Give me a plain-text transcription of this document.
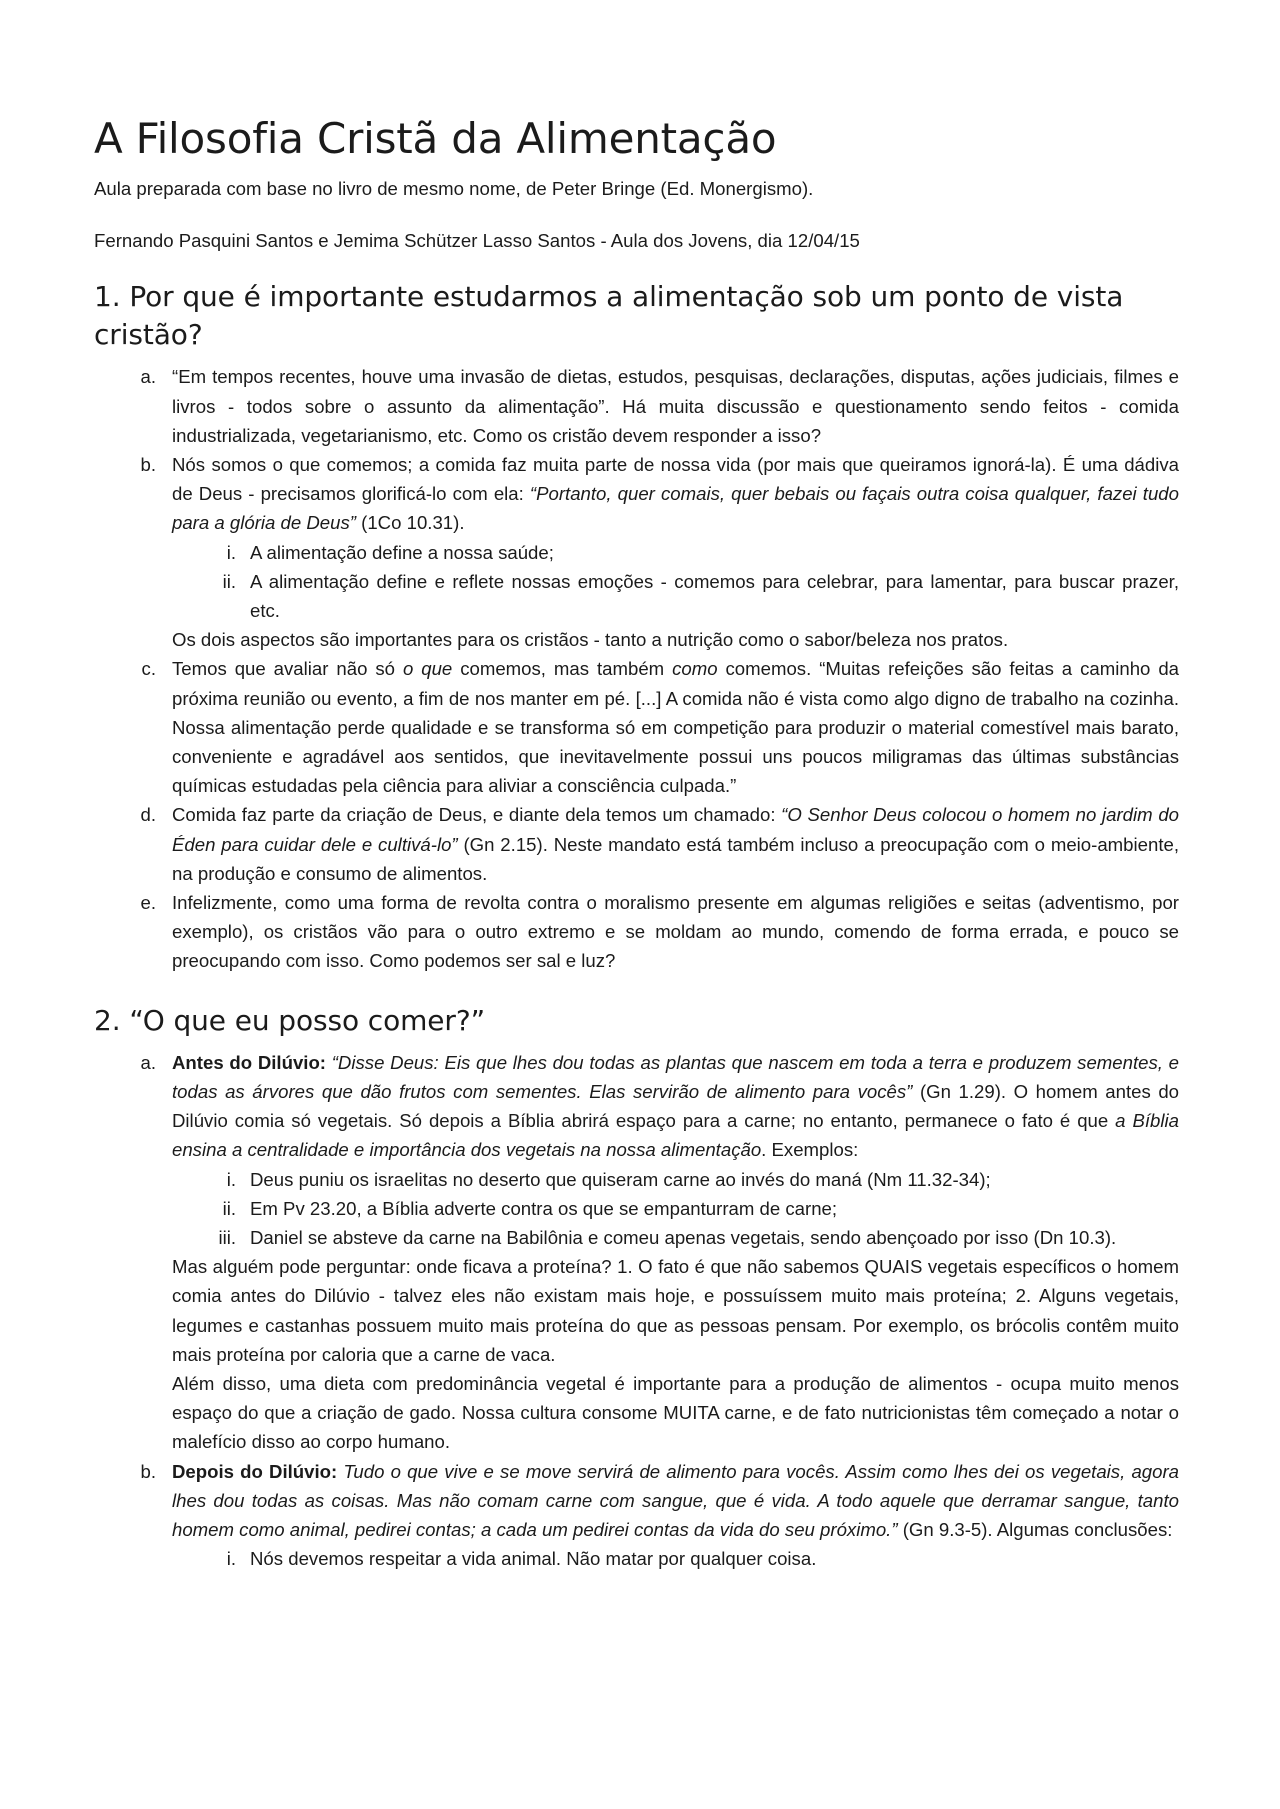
A Filosofia Cristã da Alimentação

Aula preparada com base no livro de mesmo nome, de Peter Bringe (Ed. Monergismo).

Fernando Pasquini Santos e Jemima Schützer Lasso Santos - Aula dos Jovens, dia 12/04/15

1. Por que é importante estudarmos a alimentação sob um ponto de vista cristão?
a. “Em tempos recentes, houve uma invasão de dietas, estudos, pesquisas, declarações, disputas, ações judiciais, filmes e livros - todos sobre o assunto da alimentação”. Há muita discussão e questionamento sendo feitos - comida industrializada, vegetarianismo, etc. Como os cristão devem responder a isso?
b. Nós somos o que comemos; a comida faz muita parte de nossa vida (por mais que queiramos ignorá-la). É uma dádiva de Deus - precisamos glorificá-lo com ela: “Portanto, quer comais, quer bebais ou façais outra coisa qualquer, fazei tudo para a glória de Deus” (1Co 10.31).
i. A alimentação define a nossa saúde;
ii. A alimentação define e reflete nossas emoções - comemos para celebrar, para lamentar, para buscar prazer, etc.
Os dois aspectos são importantes para os cristãos - tanto a nutrição como o sabor/beleza nos pratos.
c. Temos que avaliar não só o que comemos, mas também como comemos. “Muitas refeições são feitas a caminho da próxima reunião ou evento, a fim de nos manter em pé. [...] A comida não é vista como algo digno de trabalho na cozinha. Nossa alimentação perde qualidade e se transforma só em competição para produzir o material comestível mais barato, conveniente e agradável aos sentidos, que inevitavelmente possui uns poucos miligramas das últimas substâncias químicas estudadas pela ciência para aliviar a consciência culpada.”
d. Comida faz parte da criação de Deus, e diante dela temos um chamado: “O Senhor Deus colocou o homem no jardim do Éden para cuidar dele e cultivá-lo” (Gn 2.15). Neste mandato está também incluso a preocupação com o meio-ambiente, na produção e consumo de alimentos.
e. Infelizmente, como uma forma de revolta contra o moralismo presente em algumas religiões e seitas (adventismo, por exemplo), os cristãos vão para o outro extremo e se moldam ao mundo, comendo de forma errada, e pouco se preocupando com isso. Como podemos ser sal e luz?
2. “O que eu posso comer?”
a. Antes do Dilúvio: “Disse Deus: Eis que lhes dou todas as plantas que nascem em toda a terra e produzem sementes, e todas as árvores que dão frutos com sementes. Elas servirão de alimento para vocês” (Gn 1.29). O homem antes do Dilúvio comia só vegetais. Só depois a Bíblia abrirá espaço para a carne; no entanto, permanece o fato é que a Bíblia ensina a centralidade e importância dos vegetais na nossa alimentação. Exemplos:
i. Deus puniu os israelitas no deserto que quiseram carne ao invés do maná (Nm 11.32-34);
ii. Em Pv 23.20, a Bíblia adverte contra os que se empanturram de carne;
iii. Daniel se absteve da carne na Babilônia e comeu apenas vegetais, sendo abençoado por isso (Dn 10.3).
Mas alguém pode perguntar: onde ficava a proteína? 1. O fato é que não sabemos QUAIS vegetais específicos o homem comia antes do Dilúvio - talvez eles não existam mais hoje, e possuíssem muito mais proteína; 2. Alguns vegetais, legumes e castanhas possuem muito mais proteína do que as pessoas pensam. Por exemplo, os brócolis contêm muito mais proteína por caloria que a carne de vaca.
Além disso, uma dieta com predominância vegetal é importante para a produção de alimentos - ocupa muito menos espaço do que a criação de gado. Nossa cultura consome MUITA carne, e de fato nutricionistas têm começado a notar o malefício disso ao corpo humano.
b. Depois do Dilúvio: Tudo o que vive e se move servirá de alimento para vocês. Assim como lhes dei os vegetais, agora lhes dou todas as coisas. Mas não comam carne com sangue, que é vida. A todo aquele que derramar sangue, tanto homem como animal, pedirei contas; a cada um pedirei contas da vida do seu próximo.” (Gn 9.3-5). Algumas conclusões:
i. Nós devemos respeitar a vida animal. Não matar por qualquer coisa.
